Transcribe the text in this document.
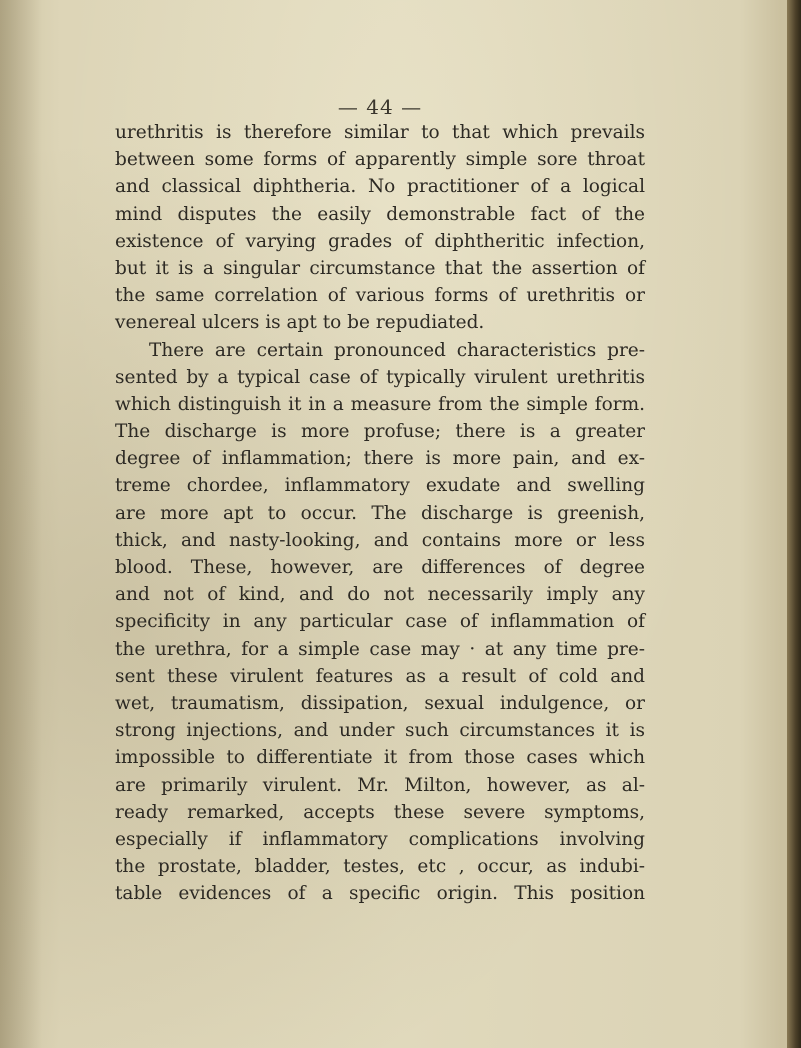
— 44 —
urethritis is therefore similar to that which prevails
between some forms of apparently simple sore throat
and classical diphtheria. No practitioner of a logical
mind disputes the easily demonstrable fact of the
existence of varying grades of diphtheritic infection,
but it is a singular circumstance that the assertion of
the same correlation of various forms of urethritis or
venereal ulcers is apt to be repudiated.
There are certain pronounced characteristics pre-
sented by a typical case of typically virulent urethritis
which distinguish it in a measure from the simple form.
The discharge is more profuse; there is a greater
degree of inflammation; there is more pain, and ex-
treme chordee, inflammatory exudate and swelling
are more apt to occur. The discharge is greenish,
thick, and nasty-looking, and contains more or less
blood. These, however, are differences of degree
and not of kind, and do not necessarily imply any
specificity in any particular case of inflammation of
the urethra, for a simple case may · at any time pre-
sent these virulent features as a result of cold and
wet, traumatism, dissipation, sexual indulgence, or
strong injections, and under such circumstances it is
impossible to differentiate it from those cases which
are primarily virulent. Mr. Milton, however, as al-
ready remarked, accepts these severe symptoms,
especially if inflammatory complications involving
the prostate, bladder, testes, etc , occur, as indubi-
table evidences of a specific origin. This position
